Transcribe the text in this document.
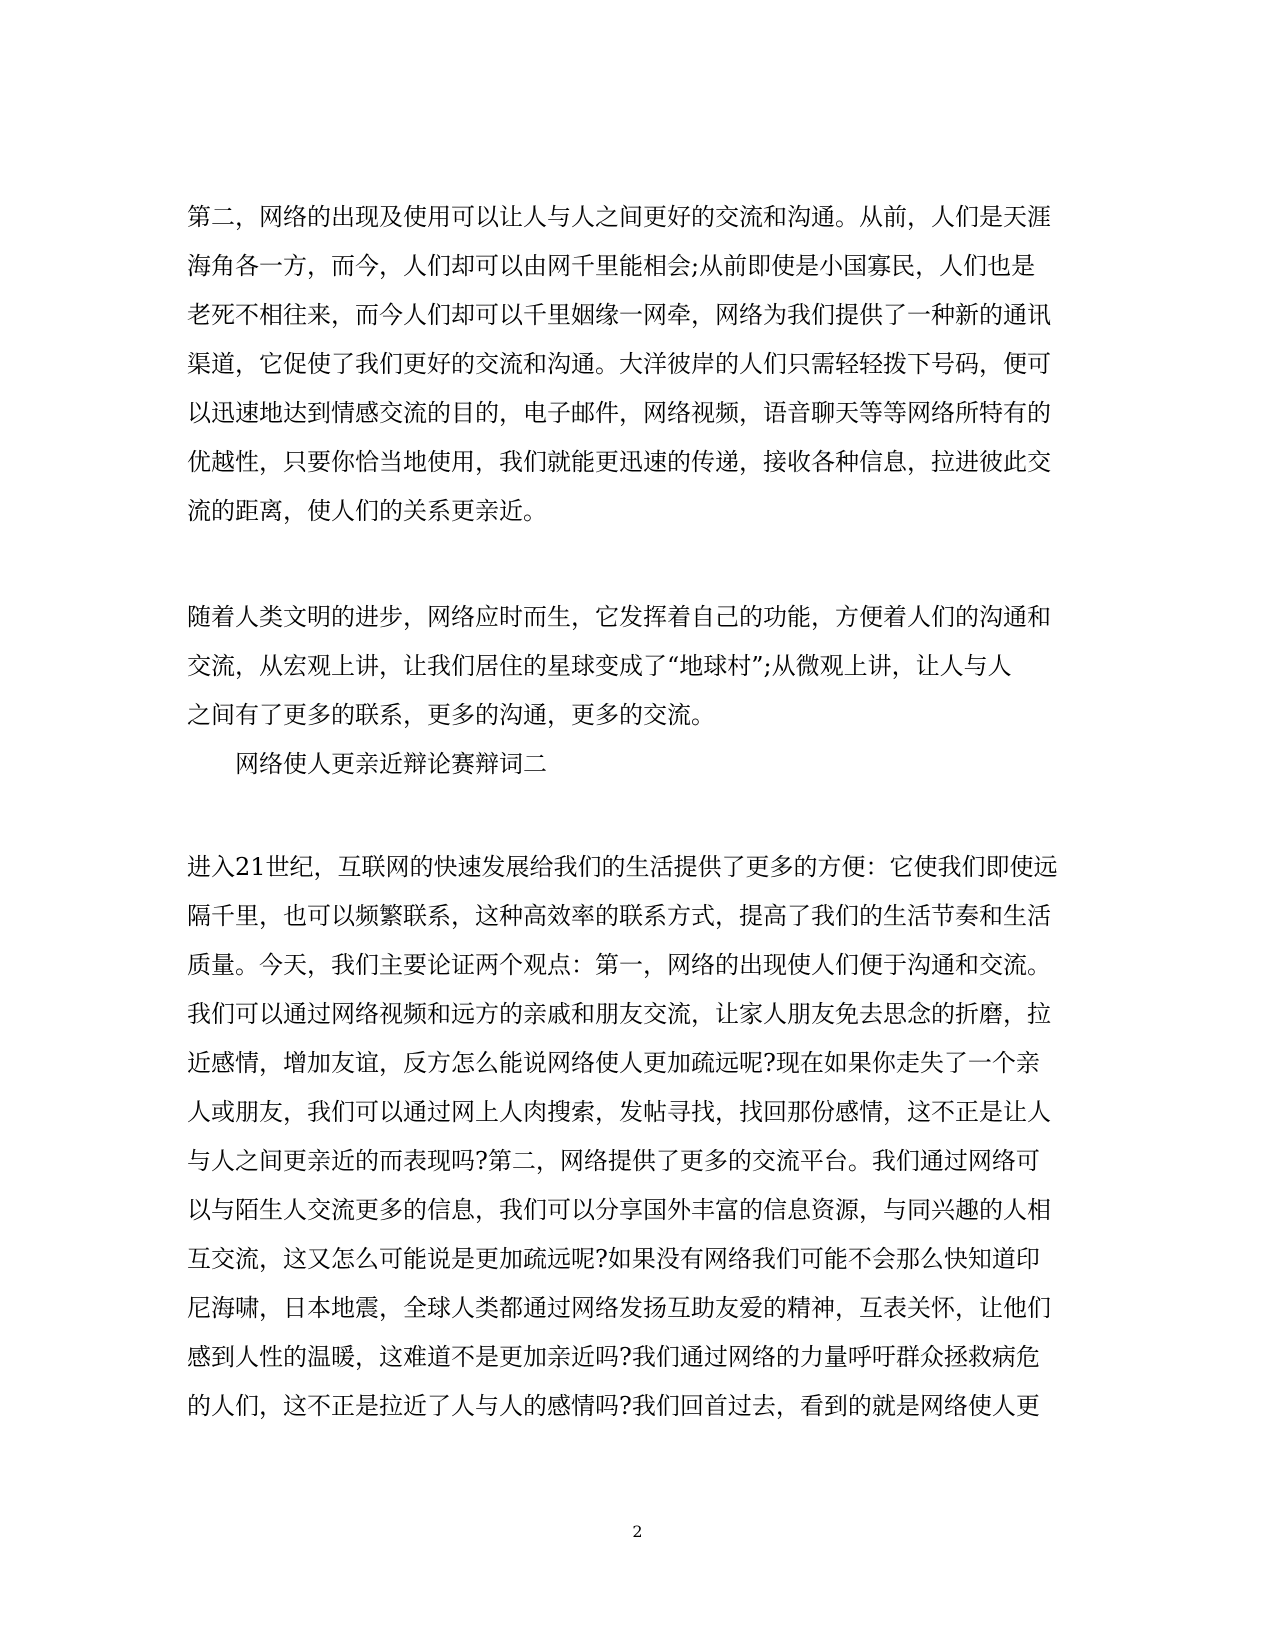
第二，网络的出现及使用可以让人与人之间更好的交流和沟通。从前，人们是天涯
海角各一方，而今，人们却可以由网千里能相会;从前即使是小国寡民，人们也是
老死不相往来，而今人们却可以千里姻缘一网牵，网络为我们提供了一种新的通讯
渠道，它促使了我们更好的交流和沟通。大洋彼岸的人们只需轻轻拨下号码，便可
以迅速地达到情感交流的目的，电子邮件，网络视频，语音聊天等等网络所特有的
优越性，只要你恰当地使用，我们就能更迅速的传递，接收各种信息，拉进彼此交
流的距离，使人们的关系更亲近。
随着人类文明的进步，网络应时而生，它发挥着自己的功能，方便着人们的沟通和
交流，从宏观上讲，让我们居住的星球变成了“地球村”;从微观上讲，让人与人
之间有了更多的联系，更多的沟通，更多的交流。
网络使人更亲近辩论赛辩词二
进入21世纪，互联网的快速发展给我们的生活提供了更多的方便：它使我们即使远
隔千里，也可以频繁联系，这种高效率的联系方式，提高了我们的生活节奏和生活
质量。今天，我们主要论证两个观点：第一，网络的出现使人们便于沟通和交流。
我们可以通过网络视频和远方的亲戚和朋友交流，让家人朋友免去思念的折磨，拉
近感情，增加友谊，反方怎么能说网络使人更加疏远呢?现在如果你走失了一个亲
人或朋友，我们可以通过网上人肉搜索，发帖寻找，找回那份感情，这不正是让人
与人之间更亲近的而表现吗?第二，网络提供了更多的交流平台。我们通过网络可
以与陌生人交流更多的信息，我们可以分享国外丰富的信息资源，与同兴趣的人相
互交流，这又怎么可能说是更加疏远呢?如果没有网络我们可能不会那么快知道印
尼海啸，日本地震，全球人类都通过网络发扬互助友爱的精神，互表关怀，让他们
感到人性的温暖，这难道不是更加亲近吗?我们通过网络的力量呼吁群众拯救病危
的人们，这不正是拉近了人与人的感情吗?我们回首过去，看到的就是网络使人更
2
